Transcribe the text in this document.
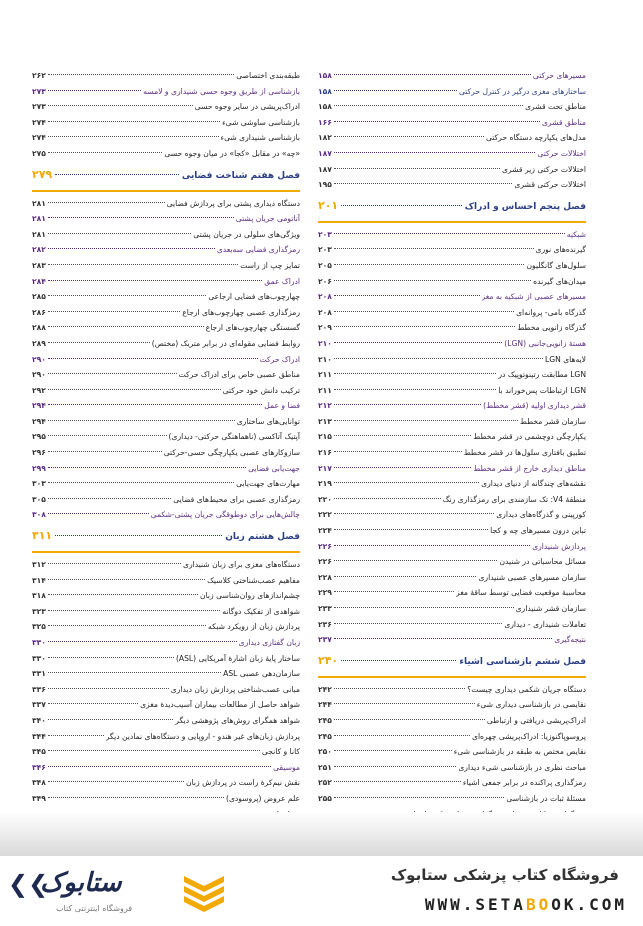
مسیرهای حرکتی
۱۵۸
ساختارهای مغزی درگیر در کنترل حرکتی
۱۵۸
مناطق تحت قشری
۱۵۸
مناطق قشری
۱۶۶
مدل‌های یکپارچه دستگاه حرکتی
۱۸۲
اختلالات حرکتی
۱۸۷
اختلالات حرکتی زیر قشری
۱۸۷
اختلالات حرکتی قشری
۱۹۵
فصل پنجم احساس و ادراک
۲۰۱
شبکیه
۲۰۳
گیرنده‌های نوری
۲۰۳
سلول‌های گانگلیون
۲۰۵
میدان‌های گیرنده
۲۰۶
مسیرهای عصبی از شبکیه به مغز
۲۰۸
گذرگاه بامی- پروانه‌ای
۲۰۸
گذرگاه زانویی مخطط
۲۰۹
هستهٔ زانویی‌جانبی (LGN)
۲۱۰
لایه‌های LGN
۲۱۰
LGN مطابقت رتینوتوپیک در
۲۱۱
LGN ارتباطات پس‌خوراند با
۲۱۱
قشر دیداری اولیه (قشر مخطط)
۲۱۲
سازمان قشر مخطط
۲۱۳
یکپارچگی دوچشمی در قشر مخطط
۲۱۵
تطبیق بافتاری سلول‌ها در قشر مخطط
۲۱۶
مناطق دیداری خارج از قشر مخطط
۲۱۷
نقشه‌های چندگانه از دنیای دیداری
۲۱۹
منطقهٔ V4: تک سازمندی برای رمزگذاری رنگ
۲۲۰
کورپینی و گذرگاه‌های دیداری
۲۲۲
تباین درون مسیرهای چه و کجا
۲۲۴
پردازش شنیداری
۲۲۶
مسائل محاسباتی در شنیدن
۲۲۶
سازمان مسیرهای عصبی شنیداری
۲۲۸
محاسبهٔ موقعیت فضایی توسط ساقهٔ مغز
۲۲۹
سازمان قشر شنیداری
۲۳۳
تعاملات شنیداری - دیداری
۲۳۶
نتیجه‌گیری
۲۳۷
فصل ششم بازشناسی اشیاء
۲۴۰
دستگاه جریان شکمی دیداری چیست؟
۲۴۲
نقایصی در بازشناسی دیداری شیء
۲۴۴
ادراک‌پریشی دریافتی و ارتباطی
۲۴۵
پروسوپاگنوزیا: ادراک‌پریشی چهره‌ای
۲۴۵
نقایص مختص به طبقه در بازشناسی شیء
۲۵۰
مباحث نظری در بازشناسی شیء دیداری
۲۵۱
رمزگذاری پراکنده در برابر جمعی اشیاء
۲۵۲
مسئلهٔ ثبات در بازشناسی
۲۵۵
طبقه‌بندی اختصاصی
۲۶۲
بازشناسی از طریق وجوه حسی شنیداری و لامسه
۲۷۳
ادراک‌پریشی در سایر وجوه حسی
۲۷۳
بازشناسی ساوشی شیء
۲۷۴
بازشناسی شنیداری شیء
۲۷۴
«چه» در مقابل «کجا» در میان وجوه حسی
۲۷۵
فصل هفتم شناخت فضایی
۲۷۹
دستگاه دیداری پشتی برای پردازش فضایی
۲۸۱
آناتومی جریان پشتی
۲۸۱
ویژگی‌های سلولی در جریان پشتی
۲۸۱
رمزگذاری فضایی سه‌بعدی
۲۸۲
تمایز چپ از راست
۲۸۳
ادراک عمق
۲۸۴
چهارچوب‌های فضایی ارجاعی
۲۸۵
رمزگذاری عصبی چهارچوب‌های ارجاع
۲۸۶
گسستگی چهارچوب‌های ارجاع
۲۸۸
روابط فضایی مقوله‌ای در برابر متریک (مختص)
۲۸۹
ادراک حرکت
۲۹۰
مناطق عصبی خاص برای ادراک حرکت
۲۹۰
ترکیب دانش خود حرکتی
۲۹۲
فضا و عمل
۲۹۴
توانایی‌های ساختاری
۲۹۴
آپتیک آتاکسی (ناهماهنگی حرکتی- دیداری)
۲۹۵
سازوکارهای عصبی یکپارچگی حسی-حرکتی
۲۹۶
جهت‌یابی فضایی
۲۹۹
مهارت‌های جهت‌یابی
۳۰۳
رمزگذاری عصبی برای محیط‌های فضایی
۳۰۵
چالش‌هایی برای دوطوقگی جریان پشتی-شکمی
۳۰۸
فصل هشتم زبان
۳۱۱
دستگاه‌های مغزی برای زبان شنیداری
۳۱۲
مفاهیم عصب‌شناختی کلاسیک
۳۱۴
چشم‌اندازهای روان‌شناسی زبان
۳۱۸
شواهدی از تفکیک دوگانه
۳۲۳
پردازش زبان از رویکرد شبکه
۳۲۵
زبان گفتاری دیداری
۳۳۰
ساختار پایهٔ زبان اشارهٔ آمریکایی (ASL)
۳۳۰
سازمان‌دهی عصبی ASL
۳۳۱
مبانی عصب‌شناختی پردازش زبان دیداری
۳۳۶
شواهد حاصل از مطالعات بیماران آسیب‌دیدهٔ مغزی
۳۳۷
شواهد همگرای روش‌های پژوهشی دیگر
۳۴۰
پردازش زبان‌های غیر هندو - اروپایی و دستگاه‌های نمادین دیگر
۳۴۴
کانا و کانجی
۳۴۵
موسیقی
۳۴۶
نقش نیم‌کرهٔ راست در پردازش زبان
۳۴۸
علم عروض (پروسودی)
۳۴۹
فروشگاه کتاب پزشکی ستابوک
WWW.SETABOOK.COM
❮❮
ستابوک
فروشگاه اینترنتی کتاب
